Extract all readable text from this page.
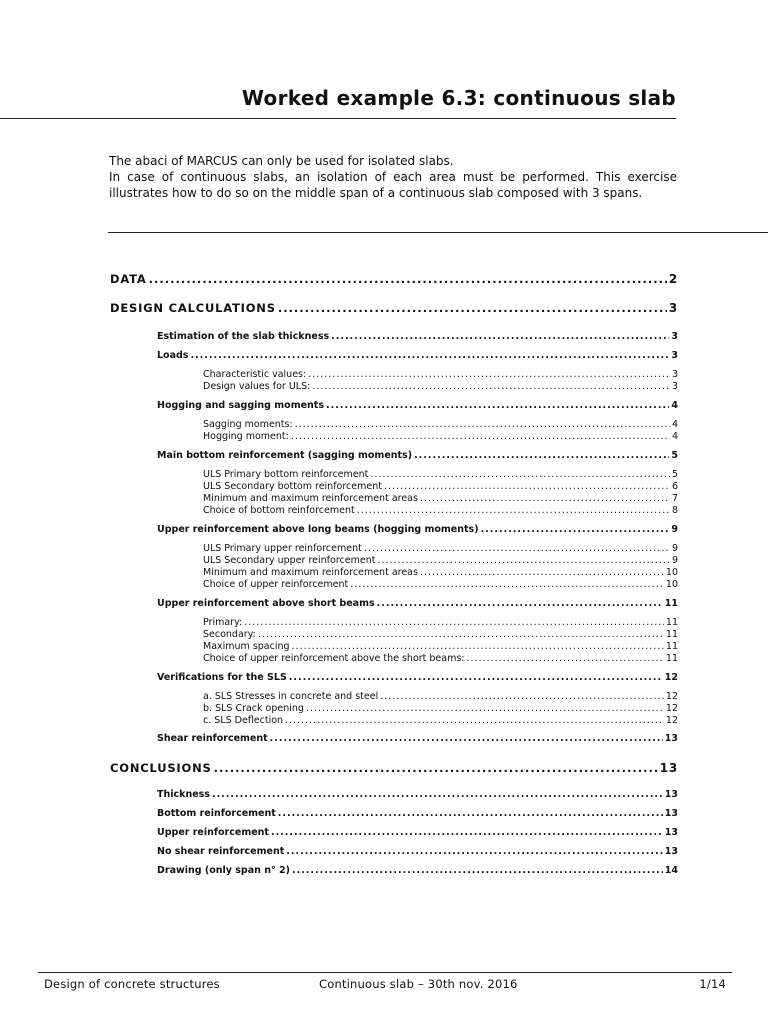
Worked example 6.3: continuous slab

The abaci of MARCUS can only be used for isolated slabs.

In case of continuous slabs, an isolation of each area must be performed. This exercise illustrates how to do so on the middle span of a continuous slab composed with 3 spans.

DATA .....	2
DESIGN CALCULATIONS .....	3
Estimation of the slab thickness .....	3
Loads .....	3
Characteristic values: .....	3
Design values for ULS: .....	3
Hogging and sagging moments .....	4
Sagging moments: .....	4
Hogging moment: .....	4
Main bottom reinforcement (sagging moments) .....	5
ULS Primary bottom reinforcement .....	5
ULS Secondary bottom reinforcement .....	6
Minimum and maximum reinforcement areas .....	7
Choice of bottom reinforcement .....	8
Upper reinforcement above long beams (hogging moments) .....	9
ULS Primary upper reinforcement .....	9
ULS Secondary upper reinforcement .....	9
Minimum and maximum reinforcement areas .....	10
Choice of upper reinforcement .....	10
Upper reinforcement above short beams .....	11
Primary: .....	11
Secondary: .....	11
Maximum spacing .....	11
Choice of upper reinforcement above the short beams: .....	11
Verifications for the SLS .....	12
a. SLS Stresses in concrete and steel .....	12
b. SLS Crack opening .....	12
c. SLS Deflection .....	12
Shear reinforcement .....	13
CONCLUSIONS .....	13
Thickness .....	13
Bottom reinforcement .....	13
Upper reinforcement .....	13
No shear reinforcement .....	13
Drawing (only span n° 2) .....	14
Design of concrete structures	Continuous slab – 30th nov. 2016	1/14
